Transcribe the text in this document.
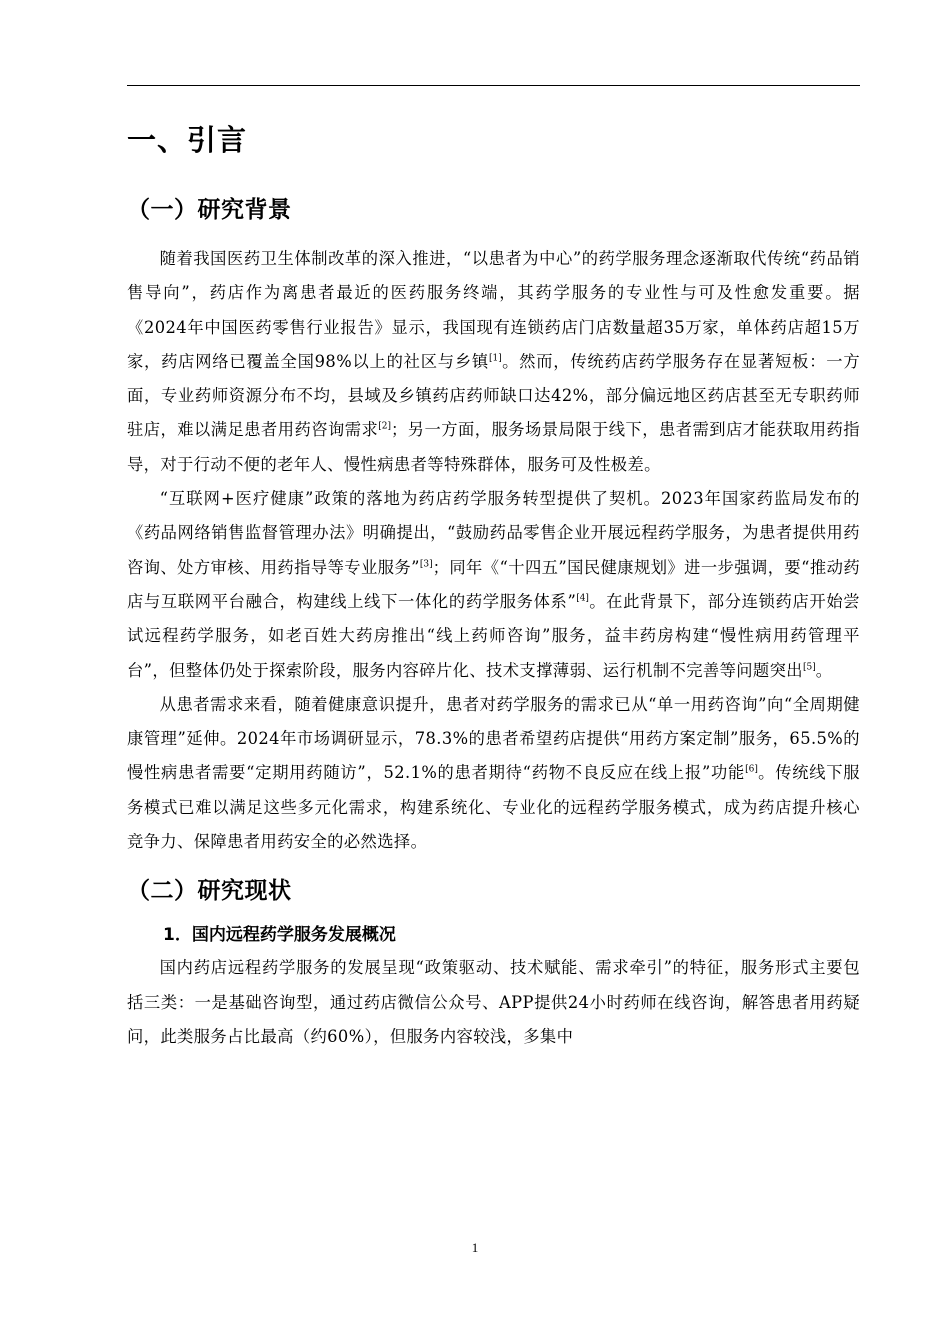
一、引言
（一）研究背景

随着我国医药卫生体制改革的深入推进，“以患者为中心”的药学服务理念逐渐取代传统“药品销售导向”，药店作为离患者最近的医药服务终端，其药学服务的专业性与可及性愈发重要。据《2024年中国医药零售行业报告》显示，我国现有连锁药店门店数量超35万家，单体药店超15万家，药店网络已覆盖全国98%以上的社区与乡镇[1]。然而，传统药店药学服务存在显著短板：一方面，专业药师资源分布不均，县域及乡镇药店药师缺口达42%，部分偏远地区药店甚至无专职药师驻店，难以满足患者用药咨询需求[2]；另一方面，服务场景局限于线下，患者需到店才能获取用药指导，对于行动不便的老年人、慢性病患者等特殊群体，服务可及性极差。

“互联网+医疗健康”政策的落地为药店药学服务转型提供了契机。2023年国家药监局发布的《药品网络销售监督管理办法》明确提出，“鼓励药品零售企业开展远程药学服务，为患者提供用药咨询、处方审核、用药指导等专业服务”[3]；同年《“十四五”国民健康规划》进一步强调，要“推动药店与互联网平台融合，构建线上线下一体化的药学服务体系”[4]。在此背景下，部分连锁药店开始尝试远程药学服务，如老百姓大药房推出“线上药师咨询”服务，益丰药房构建“慢性病用药管理平台”，但整体仍处于探索阶段，服务内容碎片化、技术支撑薄弱、运行机制不完善等问题突出[5]。

从患者需求来看，随着健康意识提升，患者对药学服务的需求已从“单一用药咨询”向“全周期健康管理”延伸。2024年市场调研显示，78.3%的患者希望药店提供“用药方案定制”服务，65.5%的慢性病患者需要“定期用药随访”，52.1%的患者期待“药物不良反应在线上报”功能[6]。传统线下服务模式已难以满足这些多元化需求，构建系统化、专业化的远程药学服务模式，成为药店提升核心竞争力、保障患者用药安全的必然选择。

（二）研究现状
1．国内远程药学服务发展概况

国内药店远程药学服务的发展呈现“政策驱动、技术赋能、需求牵引”的特征，服务形式主要包括三类：一是基础咨询型，通过药店微信公众号、APP提供24小时药师在线咨询，解答患者用药疑问，此类服务占比最高（约60%），但服务内容较浅，多集中

1
